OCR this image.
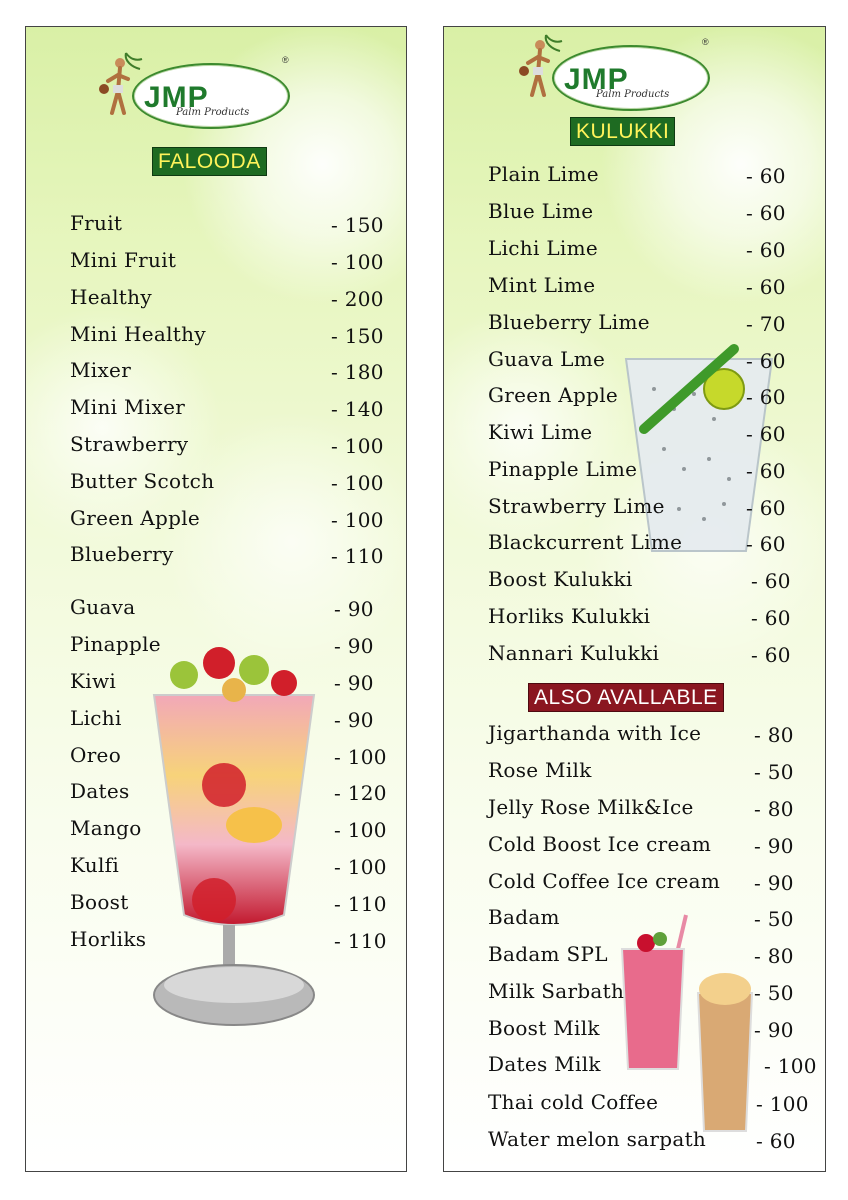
JMP
Palm Products
®
FALOODA
Fruit	- 150
Mini Fruit	- 100
Healthy	- 200
Mini Healthy	- 150
Mixer	- 180
Mini Mixer	- 140
Strawberry	- 100
Butter Scotch	- 100
Green Apple	- 100
Blueberry	- 110
Guava	- 90
Pinapple	- 90
Kiwi	- 90
Lichi	- 90
Oreo	- 100
Dates	- 120
Mango	- 100
Kulfi	- 100
Boost	- 110
Horliks	- 110
JMP
Palm Products
®
KULUKKI
ALSO AVALLABLE
Plain Lime	- 60
Blue Lime	- 60
Lichi Lime	- 60
Mint Lime	- 60
Blueberry Lime	- 70
Guava Lme	- 60
Green Apple	- 60
Kiwi Lime	- 60
Pinapple Lime	- 60
Strawberry Lime	- 60
Blackcurrent Lime	- 60
Boost Kulukki	- 60
Horliks Kulukki	- 60
Nannari Kulukki	- 60
Jigarthanda with Ice	- 80
Rose Milk	- 50
Jelly Rose Milk&Ice	- 80
Cold Boost Ice cream - 90
Cold Coffee Ice cream - 90
Badam	- 50
Badam SPL	- 80
Milk Sarbath	- 50
Boost Milk	- 90
Dates Milk	- 100
Thai cold Coffee	- 100
Water melon sarpath - 60
